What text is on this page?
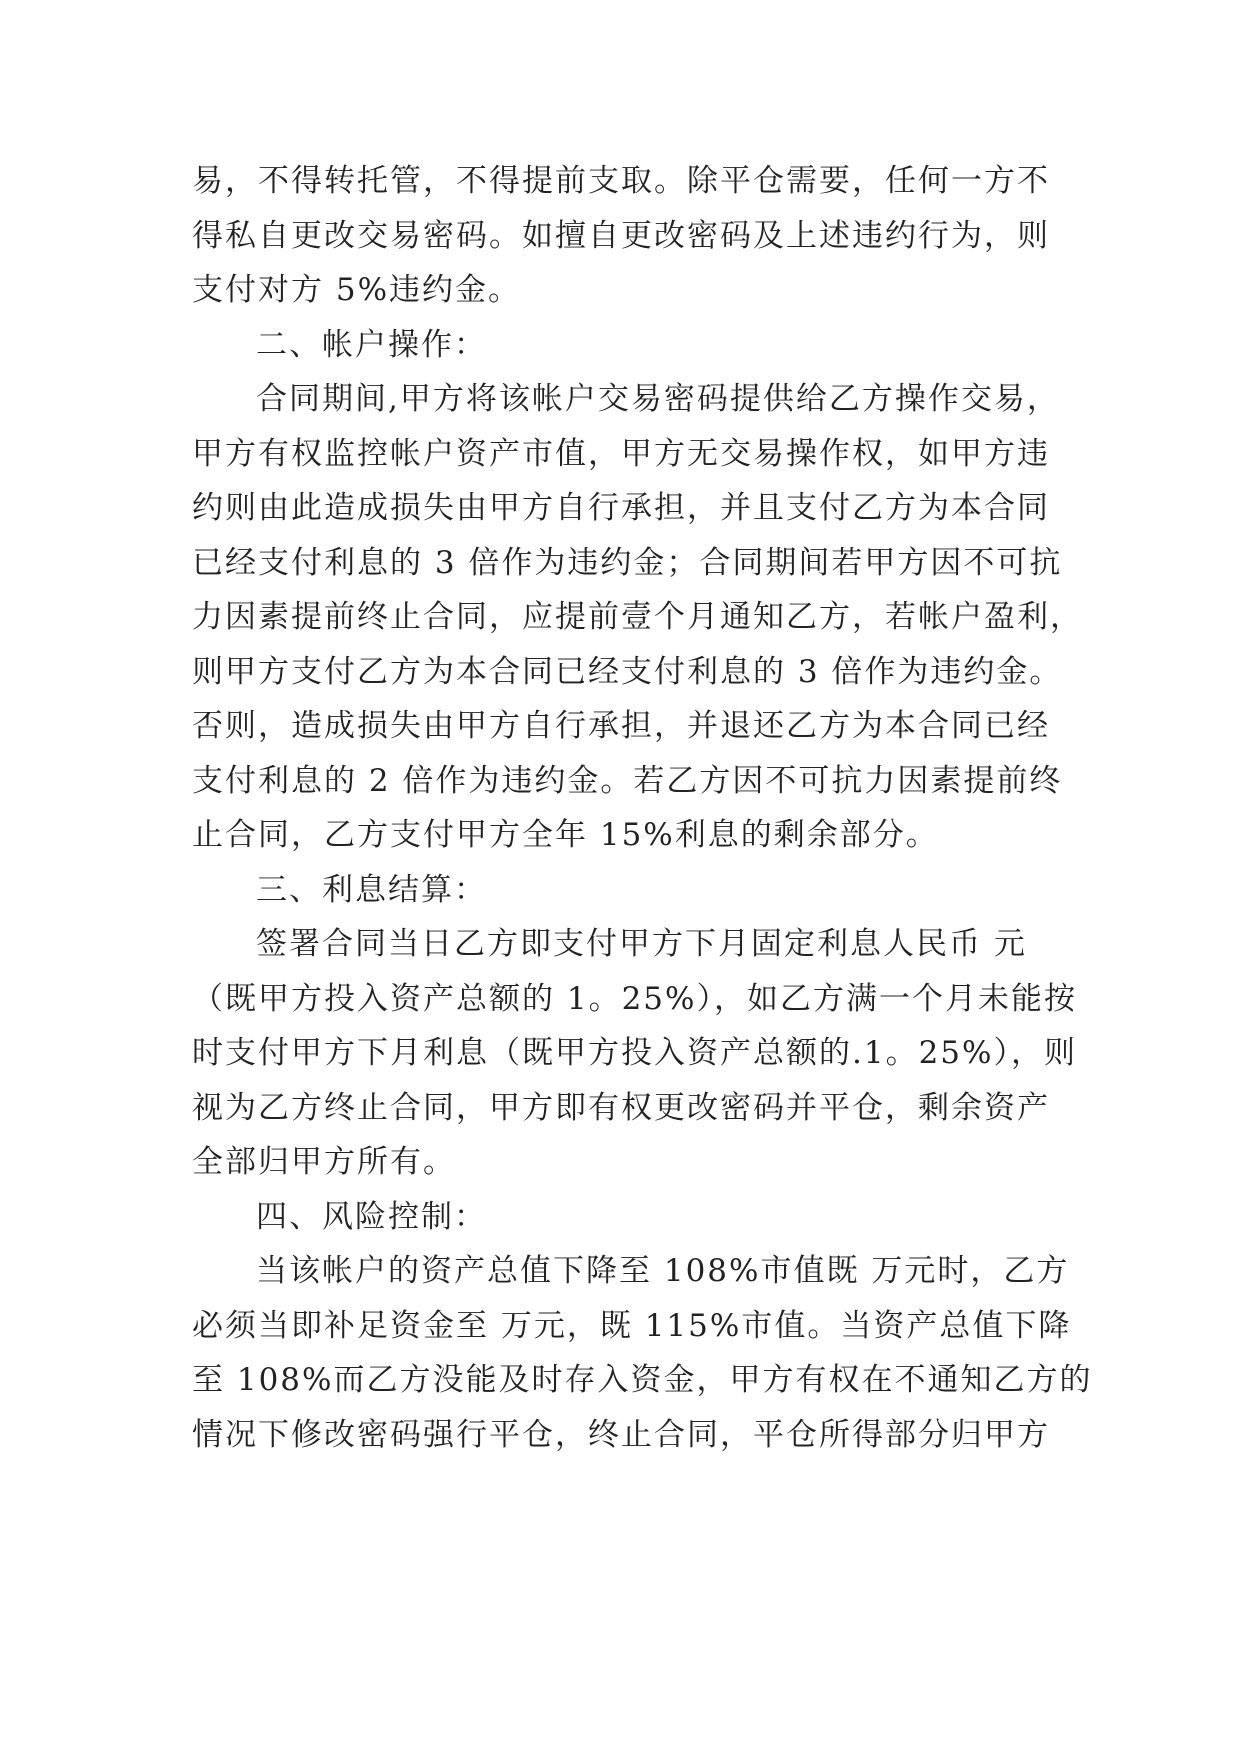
易，不得转托管，不得提前支取。除平仓需要，任何一方不
得私自更改交易密码。如擅自更改密码及上述违约行为，则
支付对方 5%违约金。
二、帐户操作：
合同期间,甲方将该帐户交易密码提供给乙方操作交易，
甲方有权监控帐户资产市值，甲方无交易操作权，如甲方违
约则由此造成损失由甲方自行承担，并且支付乙方为本合同
已经支付利息的 3 倍作为违约金；合同期间若甲方因不可抗
力因素提前终止合同，应提前壹个月通知乙方，若帐户盈利，
则甲方支付乙方为本合同已经支付利息的 3 倍作为违约金。
否则，造成损失由甲方自行承担，并退还乙方为本合同已经
支付利息的 2 倍作为违约金。若乙方因不可抗力因素提前终
止合同，乙方支付甲方全年 15%利息的剩余部分。
三、利息结算：
签署合同当日乙方即支付甲方下月固定利息人民币 元
（既甲方投入资产总额的 1。25%），如乙方满一个月未能按
时支付甲方下月利息（既甲方投入资产总额的.1。25%），则
视为乙方终止合同，甲方即有权更改密码并平仓，剩余资产
全部归甲方所有。
四、风险控制：
当该帐户的资产总值下降至 108%市值既 万元时，乙方
必须当即补足资金至 万元，既 115%市值。当资产总值下降
至 108%而乙方没能及时存入资金，甲方有权在不通知乙方的
情况下修改密码强行平仓，终止合同，平仓所得部分归甲方
